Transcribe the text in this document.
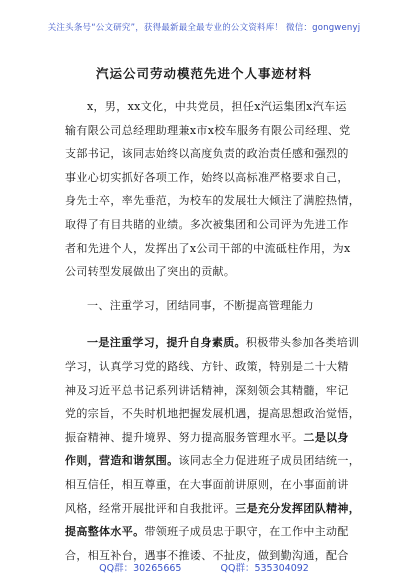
关注头条号“公文研究”，获得最新最全最专业的公文资料库！ 微信：gongwenyj
汽运公司劳动模范先进个人事迹材料
x，男，xx文化，中共党员，担任x汽运集团x汽车运
输有限公司总经理助理兼x市x校车服务有限公司经理、党
支部书记，该同志始终以高度负责的政治责任感和强烈的
事业心切实抓好各项工作，始终以高标准严格要求自己，
身先士卒，率先垂范，为校车的发展壮大倾注了满腔热情，
取得了有目共睹的业绩。多次被集团和公司评为先进工作
者和先进个人，发挥出了x公司干部的中流砥柱作用，为x
公司转型发展做出了突出的贡献。
一、注重学习，团结同事，不断提高管理能力
一是注重学习，提升自身素质。积极带头参加各类培训
学习，认真学习党的路线、方针、政策，特别是二十大精
神及习近平总书记系列讲话精神，深刻领会其精髓，牢记
党的宗旨，不失时机地把握发展机遇，提高思想政治觉悟，
振奋精神、提升境界、努力提高服务管理水平。二是以身
作则，营造和谐氛围。该同志全力促进班子成员团结统一，
相互信任，相互尊重，在大事面前讲原则，在小事面前讲
风格，经常开展批评和自我批评。三是充分发挥团队精神，
提高整体水平。带领班子成员忠于职守，在工作中主动配
合，相互补台，遇事不推诿、不扯皮，做到勤沟通，配合
QQ群：30265665	QQ群：535304092
